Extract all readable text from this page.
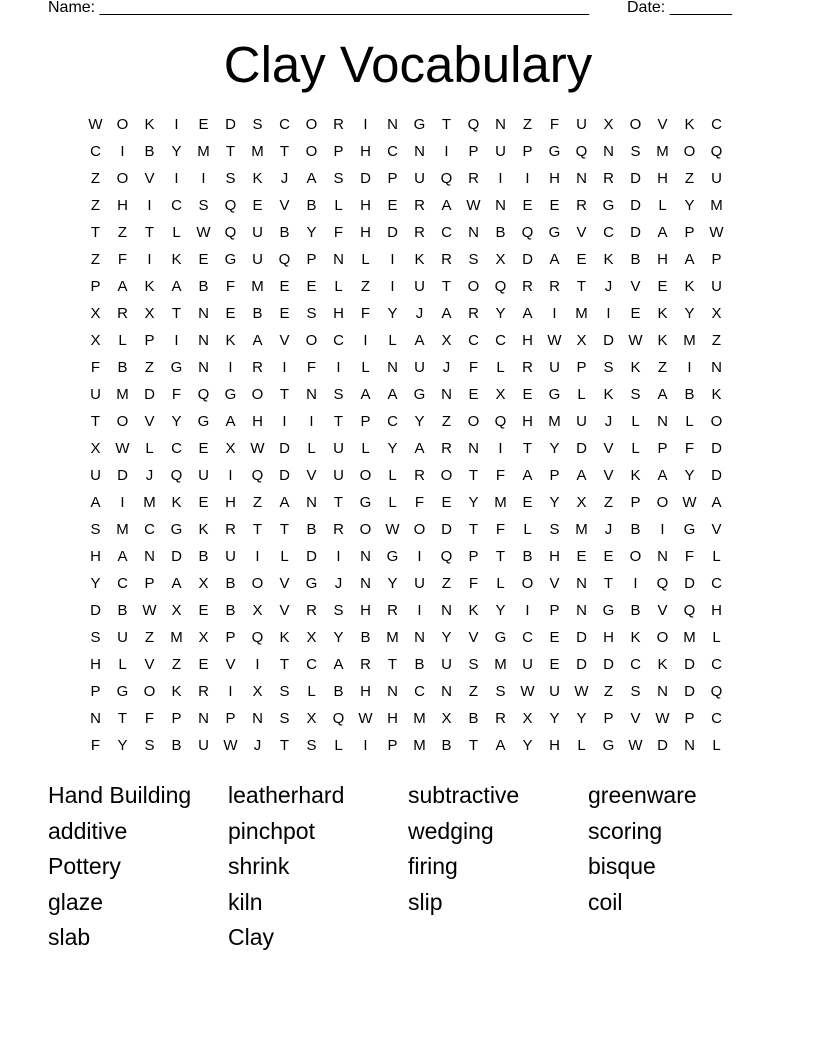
Name: _______________________________________________________ Date: _______
Clay Vocabulary
W O	K	I	E	D	S	C	O	R	I	N	G	T	Q	N	Z	F	U	X	O	V	K	C
C	I	B	Y	M	T	M	T	O	P	H	C	N	I	P	U	P	G	Q	N	S	M O	Q
Z	O	V	I	I	S	K	J	A	S	D	P	U	Q	R	I	I	H	N	R	D	H	Z	U
Z	H	I	C	S	Q	E	V	B	L	H	E	R	A W N	E	E	R	G	D	L	Y	M
T	Z	T	L	W Q	U	B	Y	F	H	D	R	C	N	B	Q	G	V	C	D	A	P W
Z	F	I	K	E	G	U	Q	P	N	L	I	K	R	S	X	D	A	E	K	B	H	A	P
P	A	K	A	B	F	M	E	E	L	Z	I	U	T	O	Q	R	R	T	J	V	E	K	U
X	R	X	T	N	E	B	E	S	H	F	Y	J	A	R	Y	A	I	M	I	E	K	Y	X
X	L	P	I	N	K	A	V	O	C	I	L	A	X	C	C	H W X	D W K	M	Z
F	B	Z	G	N	I	R	I	F	I	L	N	U	J	F	L	R	U	P	S	K	Z	I	N
U	M	D	F	Q	G	O	T	N	S	A	A	G	N	E	X	E	G	L	K	S	A	B	K
T	O	V	Y	G	A	H	I	I	T	P	C	Y	Z	O	Q	H	M	U	J	L	N	L	O
X W	L	C	E	X W D	L	U	L	Y	A	R	N	I	T	Y	D	V	L	P	F	D
U	D	J	Q	U	I	Q	D	V	U	O	L	R	O	T	F	A	P	A	V	K	A	Y	D
A	I	M	K	E	H	Z	A	N	T	G	L	F	E	Y	M	E	Y	X	Z	P	O W A
S	M	C	G	K	R	T	T	B	R	O W O	D	T	F	L	S	M	J	B	I	G	V
H	A	N	D	B	U	I	L	D	I	N	G	I	Q	P	T	B	H	E	E	O	N	F	L
Y	C	P	A	X	B	O	V	G	J	N	Y	U	Z	F	L	O	V	N	T	I	Q	D	C
D	B W X	E	B	X	V	R	S	H	R	I	N	K	Y	I	P	N	G	B	V	Q	H
S	U	Z	M	X	P	Q	K	X	Y	B	M	N	Y	V	G	C	E	D	H	K	O M	L
H	L	V	Z	E	V	I	T	C	A	R	T	B	U	S	M	U	E	D	D	C	K	D	C
P	G	O	K	R	I	X	S	L	B	H	N	C	N	Z	S W U W	Z	S	N	D	Q
N	T	F	P	N	P	N	S	X	Q W H	M	X	B	R	X	Y	Y	P	V W P	C
F	Y	S	B	U W	J	T	S	L	I	P	M	B	T	A	Y	H	L	G W D	N	L
Hand Building	leatherhard	subtractive	greenware
additive	pinchpot	wedging	scoring
Pottery	shrink	firing	bisque
glaze	kiln	slip	coil
slab	Clay
